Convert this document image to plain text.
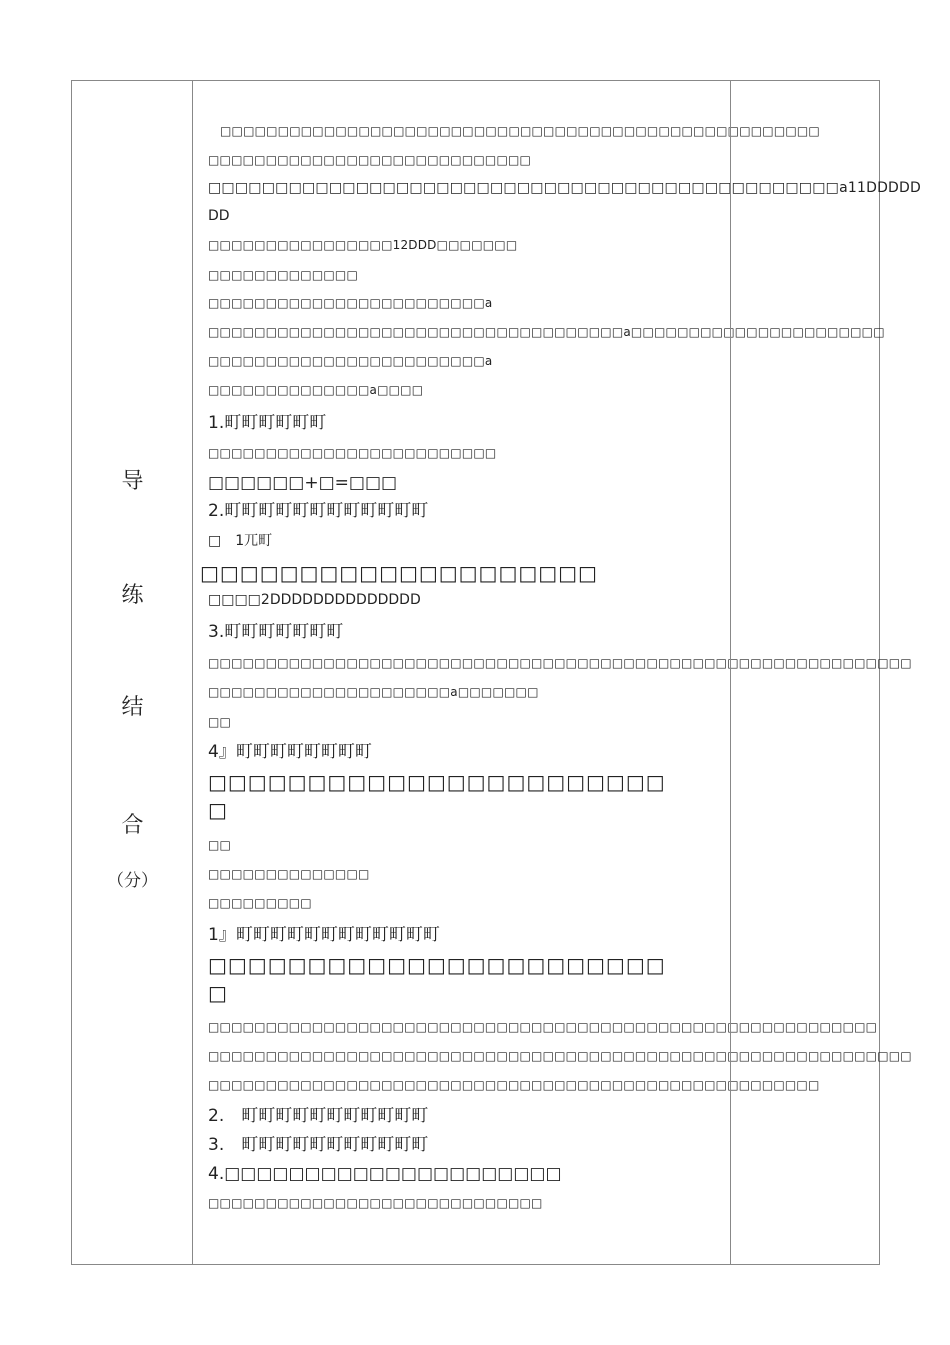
导
练
结
合
（分）
□□□□□□□□□□□□□□□□□□□□□□□□□□□□□□□□□□□□□□□□□□□□□□□□□□□□
□□□□□□□□□□□□□□□□□□□□□□□□□□□□
□□□□□□□□□□□□□□□□□□□□□□□□□□□□□□□□□□□□□□□□□□□□□□□a11DDDDD
DD
□□□□□□□□□□□□□□□□12DDD□□□□□□□
□□□□□□□□□□□□□
□□□□□□□□□□□□□□□□□□□□□□□□a
□□□□□□□□□□□□□□□□□□□□□□□□□□□□□□□□□□□□a□□□□□□□□□□□□□□□□□□□□□□
□□□□□□□□□□□□□□□□□□□□□□□□a
□□□□□□□□□□□□□□a□□□□
1.町町町町町町
□□□□□□□□□□□□□□□□□□□□□□□□□
□□□□□□+□=□□□
2.町町町町町町町町町町町町
□　1兀町
□□□□□□□□□□□□□□□□□□□□
□□□□2DDDDDDDDDDDDDD
3.町町町町町町町
□□□□□□□□□□□□□□□□□□□□□□□□□□□□□□□□□□□□□□□□□□□□□□□□□□□□□□□□□□□□□
□□□□□□□□□□□□□□□□□□□□□a□□□□□□□
□□
4』町町町町町町町町
□□□□□□□□□□□□□□□□□□□□□□□
□
□□
□□□□□□□□□□□□□□
□□□□□□□□□
1』町町町町町町町町町町町町
□□□□□□□□□□□□□□□□□□□□□□□
□
□□□□□□□□□□□□□□□□□□□□□□□□□□□□□□□□□□□□□□□□□□□□□□□□□□□□□□□□□□
□□□□□□□□□□□□□□□□□□□□□□□□□□□□□□□□□□□□□□□□□□□□□□□□□□□□□□□□□□□□□
□□□□□□□□□□□□□□□□□□□□□□□□□□□□□□□□□□□□□□□□□□□□□□□□□□□□□
2.　町町町町町町町町町町町
3.　町町町町町町町町町町町
4.□□□□□□□□□□□□□□□□□□□□□
□□□□□□□□□□□□□□□□□□□□□□□□□□□□□
